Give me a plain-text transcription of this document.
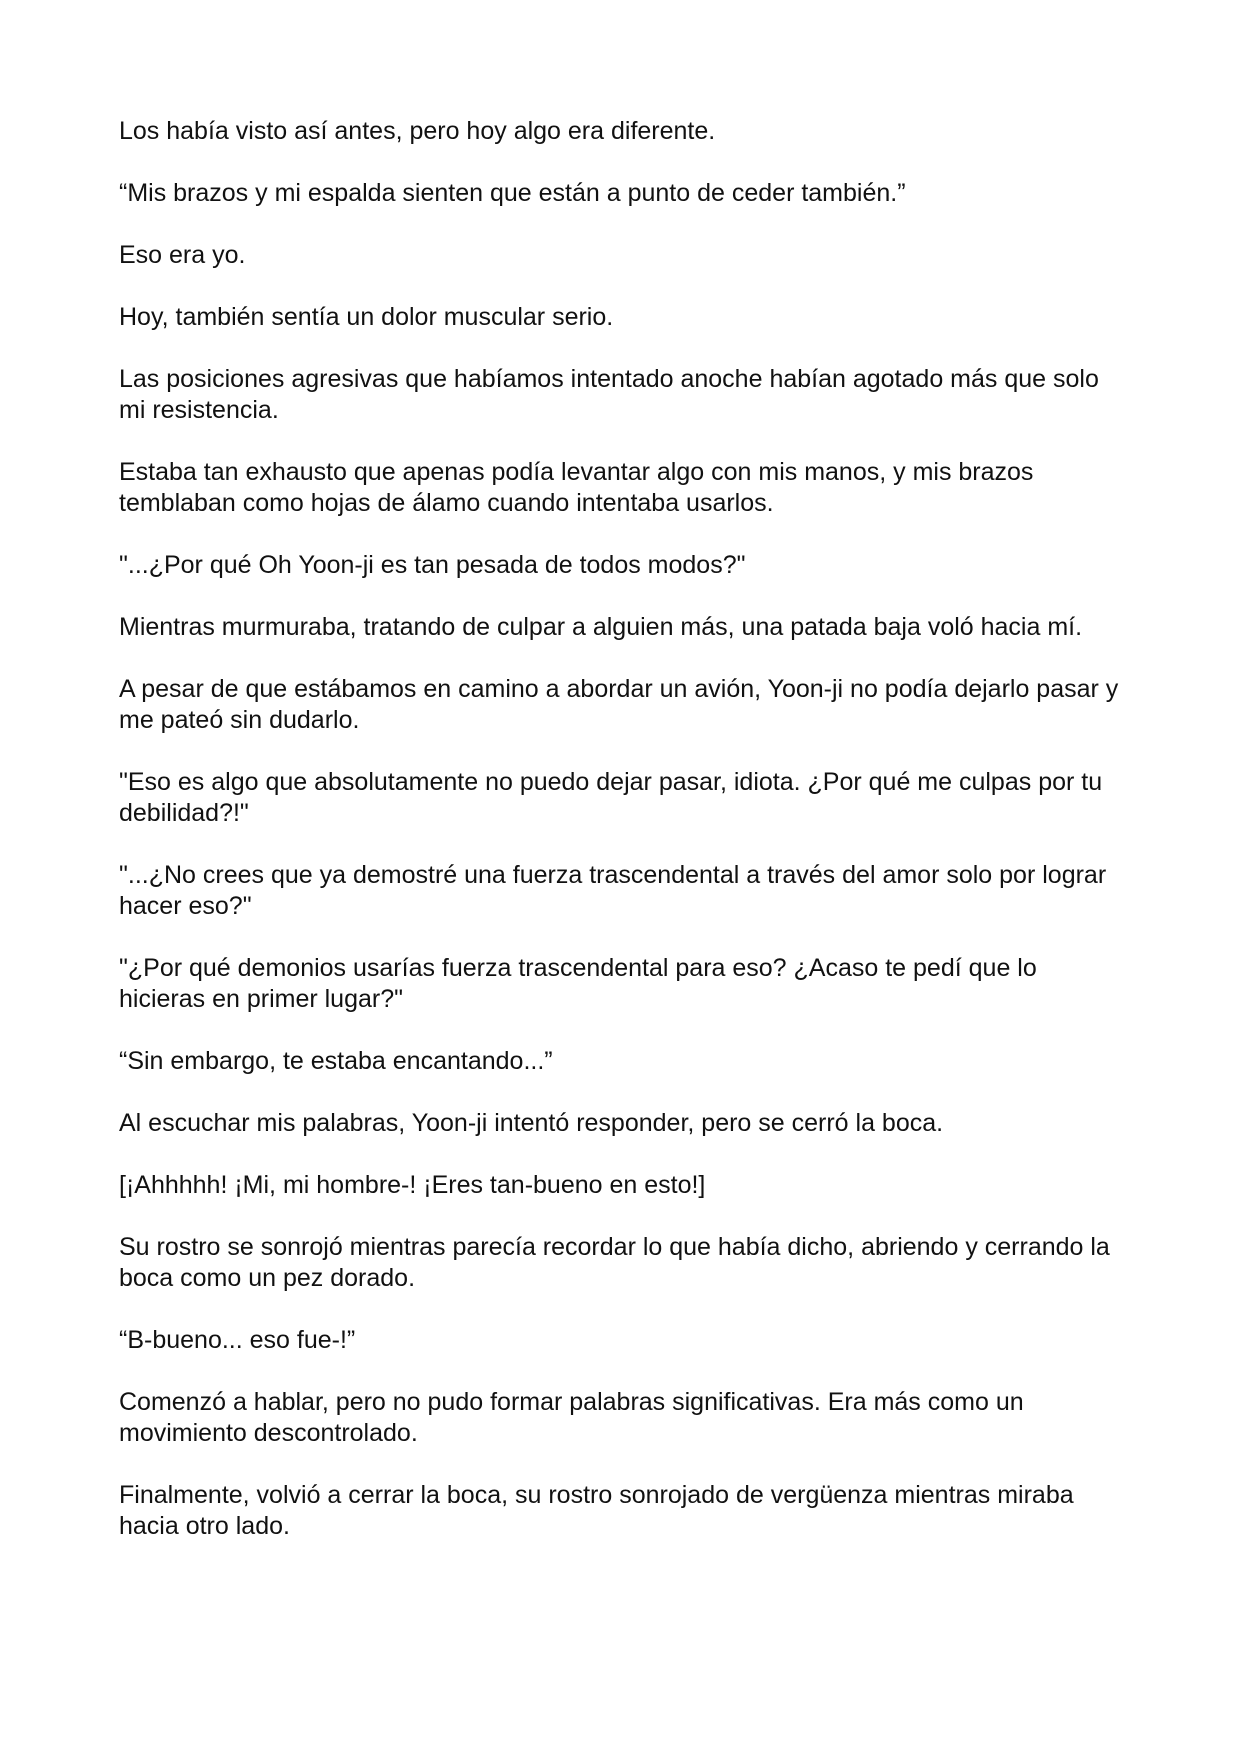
Los había visto así antes, pero hoy algo era diferente.

“Mis brazos y mi espalda sienten que están a punto de ceder también.”

Eso era yo.

Hoy, también sentía un dolor muscular serio.

Las posiciones agresivas que habíamos intentado anoche habían agotado más que solo mi resistencia.

Estaba tan exhausto que apenas podía levantar algo con mis manos, y mis brazos temblaban como hojas de álamo cuando intentaba usarlos.

"...¿Por qué Oh Yoon-ji es tan pesada de todos modos?"

Mientras murmuraba, tratando de culpar a alguien más, una patada baja voló hacia mí.

A pesar de que estábamos en camino a abordar un avión, Yoon-ji no podía dejarlo pasar y me pateó sin dudarlo.

"Eso es algo que absolutamente no puedo dejar pasar, idiota. ¿Por qué me culpas por tu debilidad?!"

"...¿No crees que ya demostré una fuerza trascendental a través del amor solo por lograr hacer eso?"

"¿Por qué demonios usarías fuerza trascendental para eso? ¿Acaso te pedí que lo hicieras en primer lugar?"

“Sin embargo, te estaba encantando...”

Al escuchar mis palabras, Yoon-ji intentó responder, pero se cerró la boca.

[¡Ahhhhh! ¡Mi, mi hombre-! ¡Eres tan-bueno en esto!]

Su rostro se sonrojó mientras parecía recordar lo que había dicho, abriendo y cerrando la boca como un pez dorado.

“B-bueno... eso fue-!”

Comenzó a hablar, pero no pudo formar palabras significativas. Era más como un movimiento descontrolado.

Finalmente, volvió a cerrar la boca, su rostro sonrojado de vergüenza mientras miraba hacia otro lado.
